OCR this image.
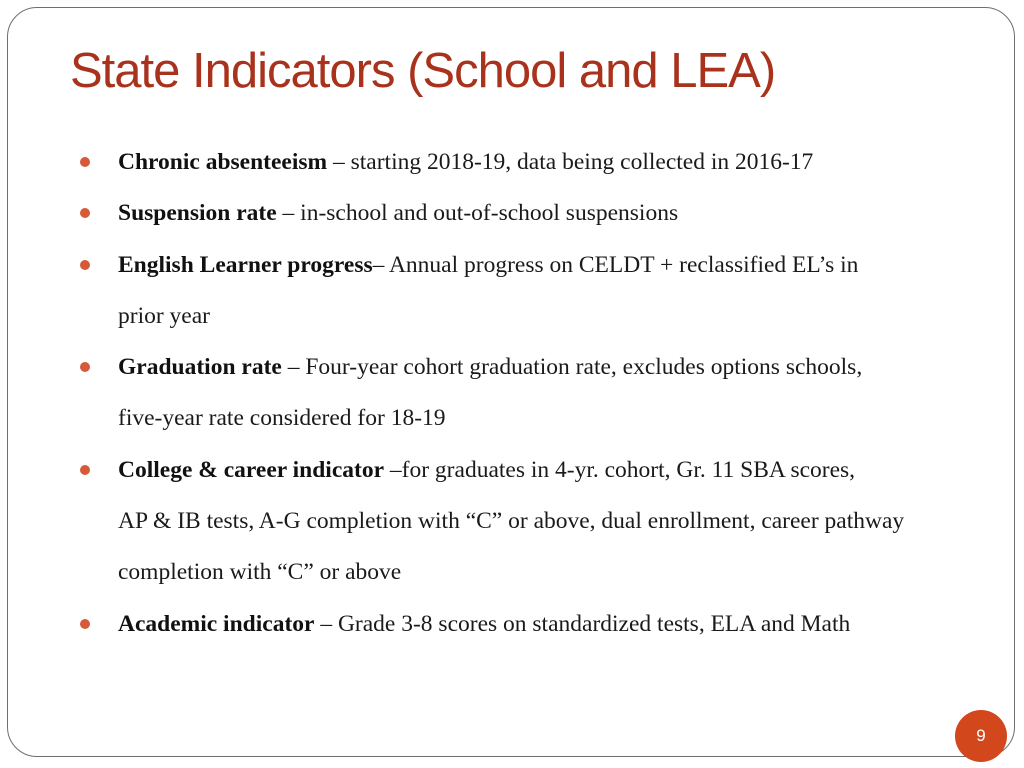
State Indicators (School and LEA)
Chronic absenteeism – starting 2018-19, data being collected in 2016-17
Suspension rate – in-school and out-of-school suspensions
English Learner progress– Annual progress on CELDT + reclassified EL’s in
prior year
Graduation rate – Four-year cohort graduation rate, excludes options schools,
five-year rate considered for 18-19
College & career indicator –for graduates in 4-yr. cohort, Gr. 11 SBA scores,
AP & IB tests, A-G completion with “C” or above, dual enrollment, career pathway
completion with “C” or above
Academic indicator – Grade 3-8 scores on standardized tests, ELA and Math
9
